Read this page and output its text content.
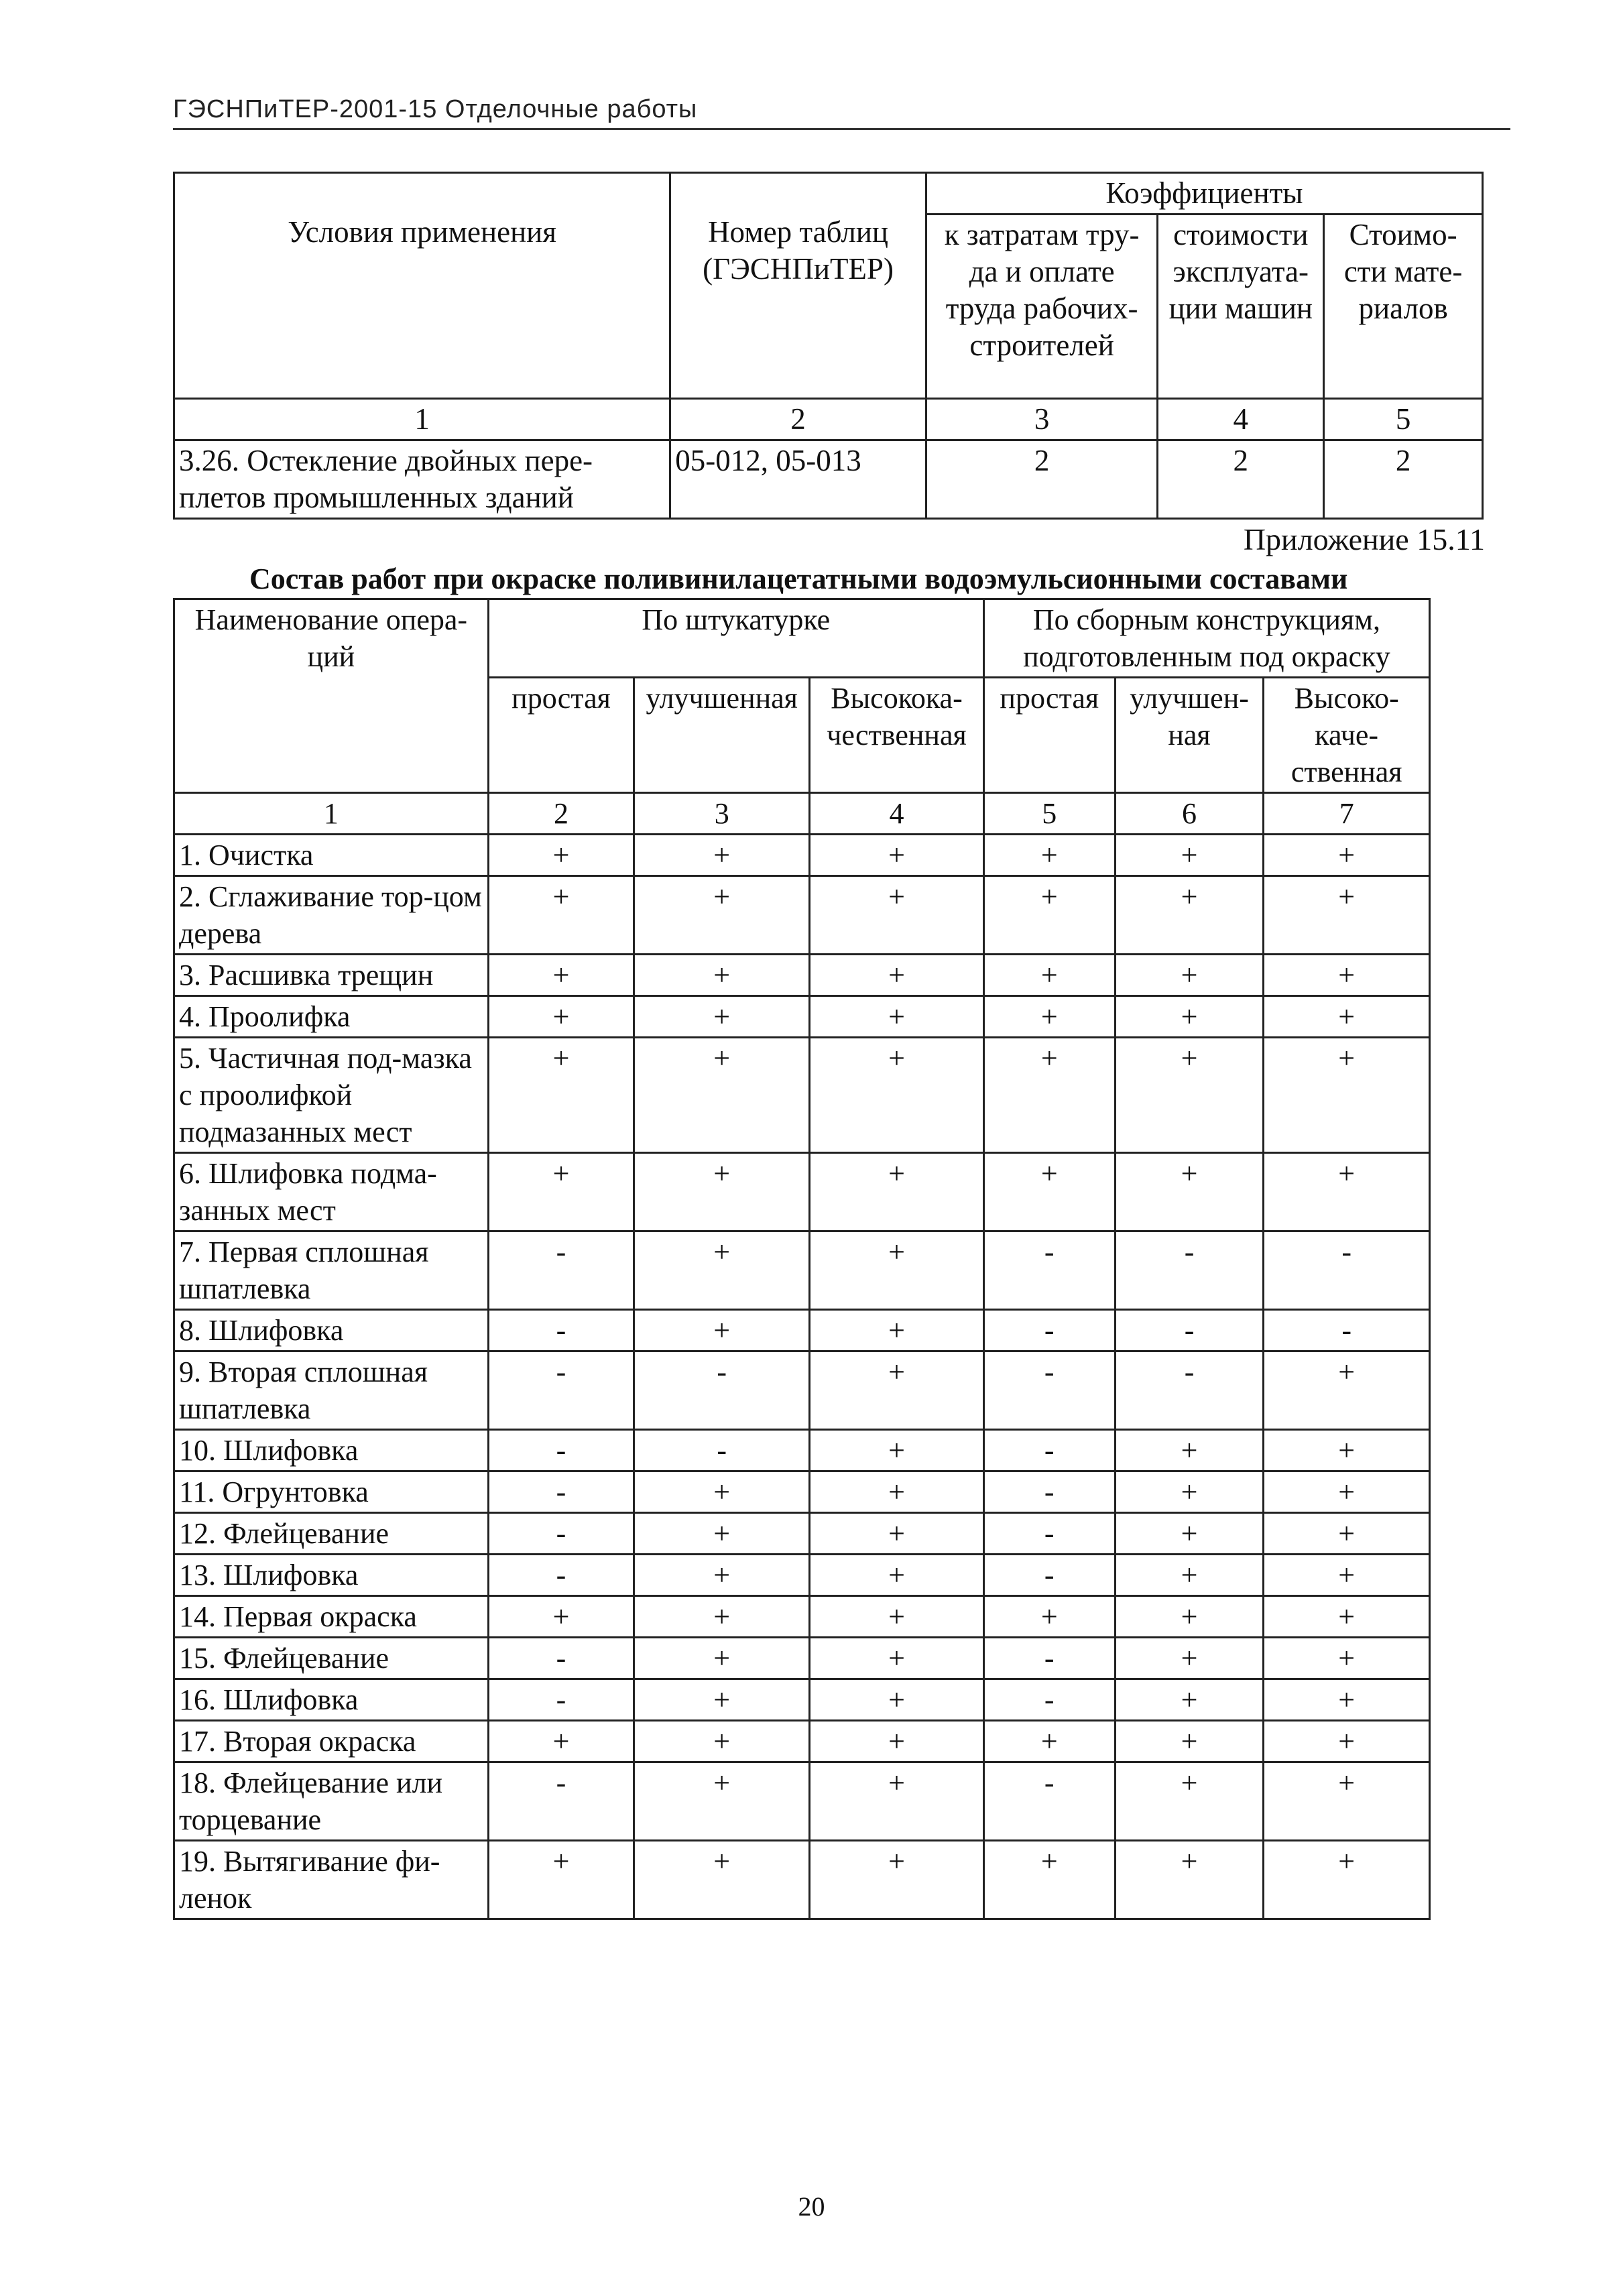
ГЭСНПиТЕР-2001-15 Отделочные работы
Условия применения	Номер таблиц (ГЭСНПиТЕР)	Коэффициенты		
		к затратам тру-да и оплате труда рабочих-строителей	стоимости эксплуата-ции машин	Стоимо-сти мате-риалов
1	2	3	4	5
3.26. Остекление двойных пере-плетов промышленных зданий	05-012, 05-013	2	2	2
Приложение 15.11
Состав работ при окраске поливинилацетатными водоэмульсионными составами
Наименование опера-ций	По штукатурке			По сборным конструкциям, подготовленным под окраску		
	простая	улучшенная	Высокока-чественная	простая	улучшен-ная	Высоко-каче-ственная
1	2	3	4	5	6	7
1. Очистка	+	+	+	+	+	+
2. Сглаживание тор-цом дерева	+	+	+	+	+	+
3. Расшивка трещин	+	+	+	+	+	+
4. Проолифка	+	+	+	+	+	+
5. Частичная под-мазка с проолифкой подмазанных мест	+	+	+	+	+	+
6. Шлифовка подма-занных мест	+	+	+	+	+	+
7. Первая сплошная шпатлевка	-	+	+	-	-	-
8. Шлифовка	-	+	+	-	-	-
9. Вторая сплошная шпатлевка	-	-	+	-	-	+
10. Шлифовка	-	-	+	-	+	+
11. Огрунтовка	-	+	+	-	+	+
12. Флейцевание	-	+	+	-	+	+
13. Шлифовка	-	+	+	-	+	+
14. Первая окраска	+	+	+	+	+	+
15. Флейцевание	-	+	+	-	+	+
16. Шлифовка	-	+	+	-	+	+
17. Вторая окраска	+	+	+	+	+	+
18. Флейцевание или торцевание	-	+	+	-	+	+
19. Вытягивание фи-ленок	+	+	+	+	+	+
20
